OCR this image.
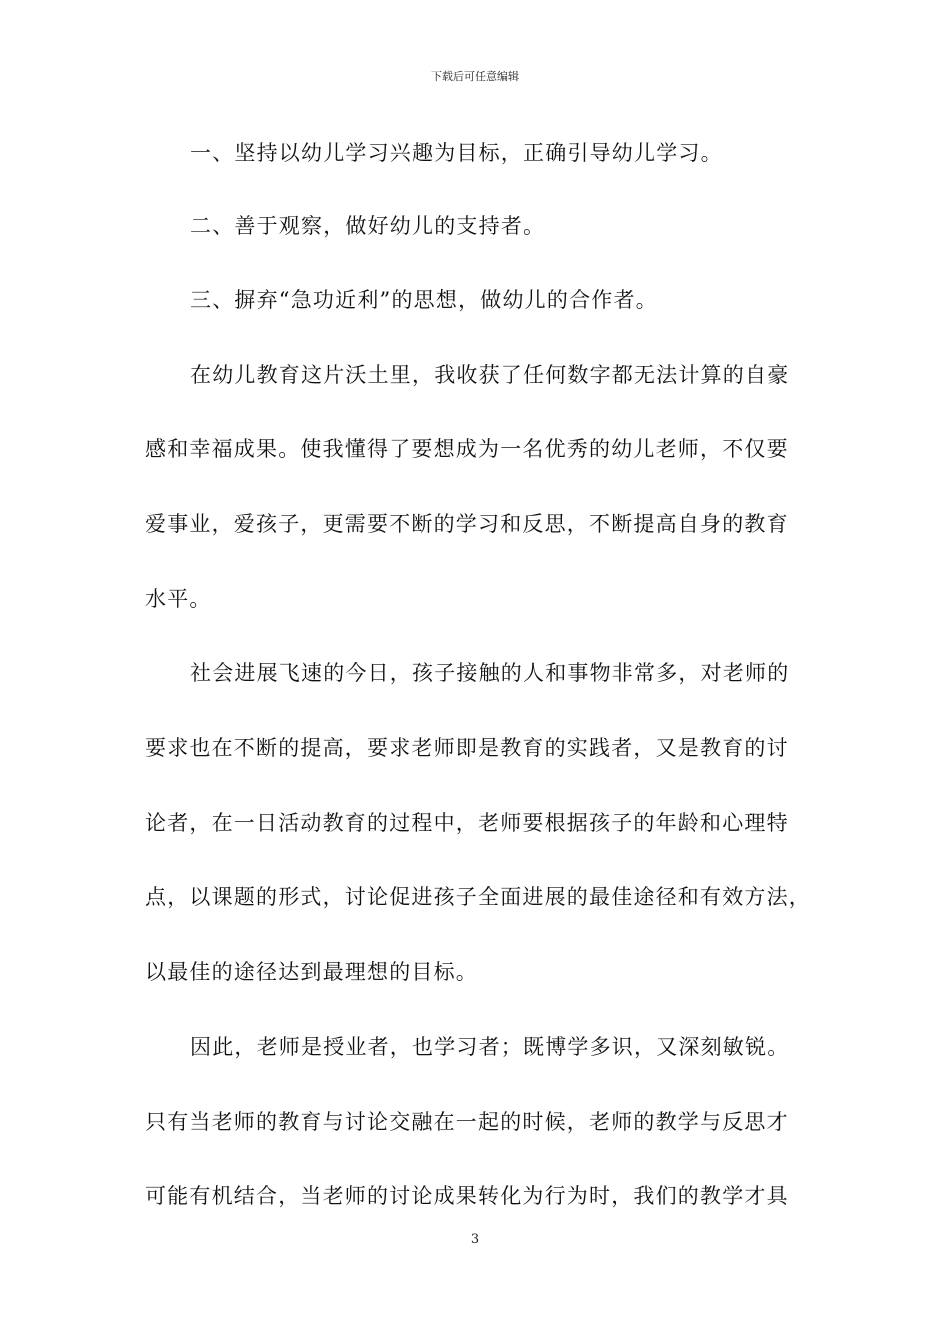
下载后可任意编辑
一、坚持以幼儿学习兴趣为目标，正确引导幼儿学习。
二、善于观察，做好幼儿的支持者。
三、摒弃“急功近利”的思想，做幼儿的合作者。
在幼儿教育这片沃土里，我收获了任何数字都无法计算的自豪
感和幸福成果。使我懂得了要想成为一名优秀的幼儿老师，不仅要
爱事业，爱孩子，更需要不断的学习和反思，不断提高自身的教育
水平。
社会进展飞速的今日，孩子接触的人和事物非常多，对老师的
要求也在不断的提高，要求老师即是教育的实践者，又是教育的讨
论者，在一日活动教育的过程中，老师要根据孩子的年龄和心理特
点，以课题的形式，讨论促进孩子全面进展的最佳途径和有效方法，
以最佳的途径达到最理想的目标。
因此，老师是授业者，也学习者；既博学多识，又深刻敏锐。
只有当老师的教育与讨论交融在一起的时候，老师的教学与反思才
可能有机结合，当老师的讨论成果转化为行为时，我们的教学才具
3
